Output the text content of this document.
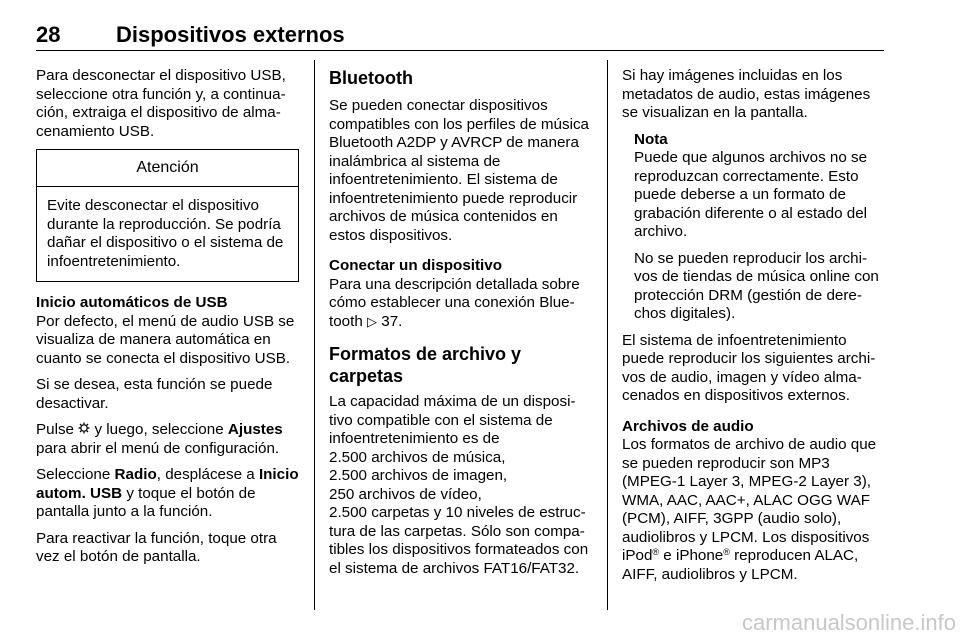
28	Dispositivos externos

Para desconectar el dispositivo USB, seleccione otra función y, a continuación, extraiga el dispositivo de almacenamiento USB.

Atención
Evite desconectar el dispositivo durante la reproducción. Se podría dañar el dispositivo o el sistema de infoentretenimiento.

Inicio automáticos de USB

Por defecto, el menú de audio USB se visualiza de manera automática en cuanto se conecta el dispositivo USB.

Si se desea, esta función se puede desactivar.

Pulse y luego, seleccione Ajustes para abrir el menú de configuración.

Seleccione Radio, desplácese a Inicio autom. USB y toque el botón de pantalla junto a la función.

Para reactivar la función, toque otra vez el botón de pantalla.

Bluetooth

Se pueden conectar dispositivos compatibles con los perfiles de música Bluetooth A2DP y AVRCP de manera inalámbrica al sistema de infoentretenimiento. El sistema de infoentretenimiento puede reproducir archivos de música contenidos en estos dispositivos.

Conectar un dispositivo

Para una descripción detallada sobre cómo establecer una conexión Bluetooth ▷ 37.

Formatos de archivo y carpetas

La capacidad máxima de un dispositivo compatible con el sistema de infoentretenimiento es de

2.500 archivos de música,

2.500 archivos de imagen,

250 archivos de vídeo,

2.500 carpetas y 10 niveles de estructura de las carpetas. Sólo son compatibles los dispositivos formateados con el sistema de archivos FAT16/FAT32.

Si hay imágenes incluidas en los metadatos de audio, estas imágenes se visualizan en la pantalla.

Nota

Puede que algunos archivos no se reproduzcan correctamente. Esto puede deberse a un formato de grabación diferente o al estado del archivo.

No se pueden reproducir los archivos de tiendas de música online con protección DRM (gestión de derechos digitales).

El sistema de infoentretenimiento puede reproducir los siguientes archivos de audio, imagen y vídeo almacenados en dispositivos externos.

Archivos de audio

Los formatos de archivo de audio que se pueden reproducir son MP3 (MPEG-1 Layer 3, MPEG-2 Layer 3), WMA, AAC, AAC+, ALAC OGG WAF (PCM), AIFF, 3GPP (audio solo), audiolibros y LPCM. Los dispositivos iPod® e iPhone® reproducen ALAC, AIFF, audiolibros y LPCM.

carmanualsonline.info
